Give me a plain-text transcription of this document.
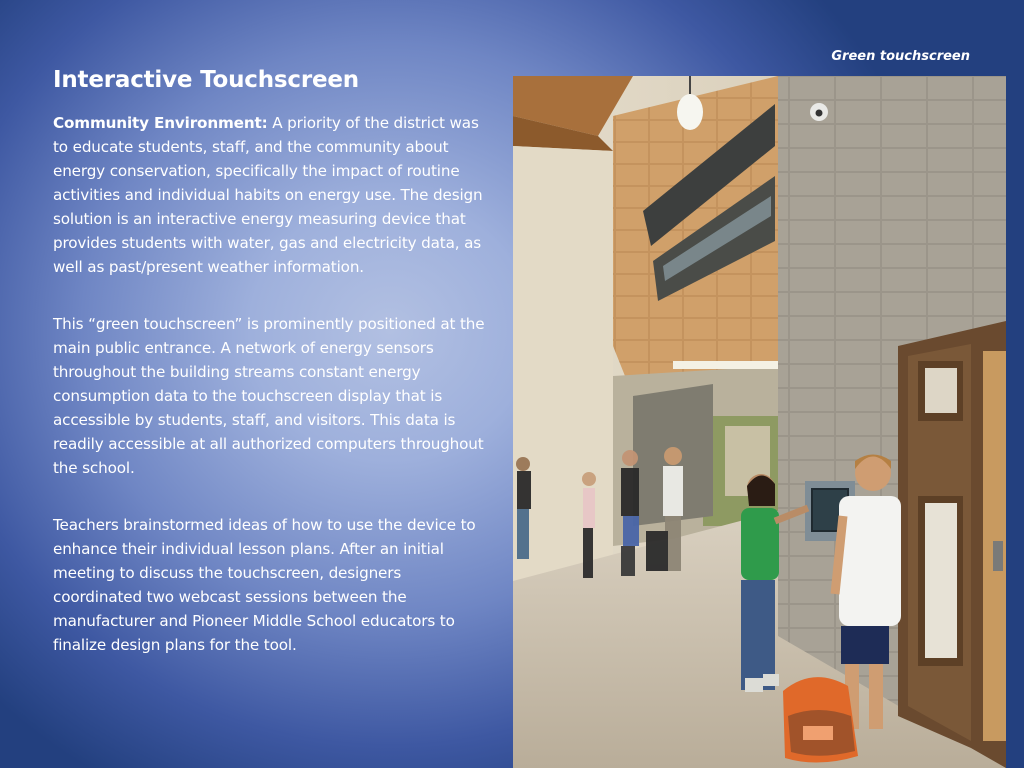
Green touchscreen
Interactive Touchscreen

Community Environment: A priority of the district was to educate students, staff, and the community about energy conservation, specifically the impact of routine activities and individual habits on energy use. The design solution is an interactive energy measuring device that provides students with water, gas and electricity data, as well as past/present weather information.

This “green touchscreen” is prominently positioned at the main public entrance. A network of energy sensors throughout the building streams constant energy consumption data to the touchscreen display that is accessible by students, staff, and visitors. This data is readily accessible at all authorized computers throughout the school.

Teachers brainstormed ideas of how to use the device to enhance their individual lesson plans. After an initial meeting to discuss the touchscreen, designers coordinated two webcast sessions between the manufacturer and Pioneer Middle School educators to finalize design plans for the tool.
